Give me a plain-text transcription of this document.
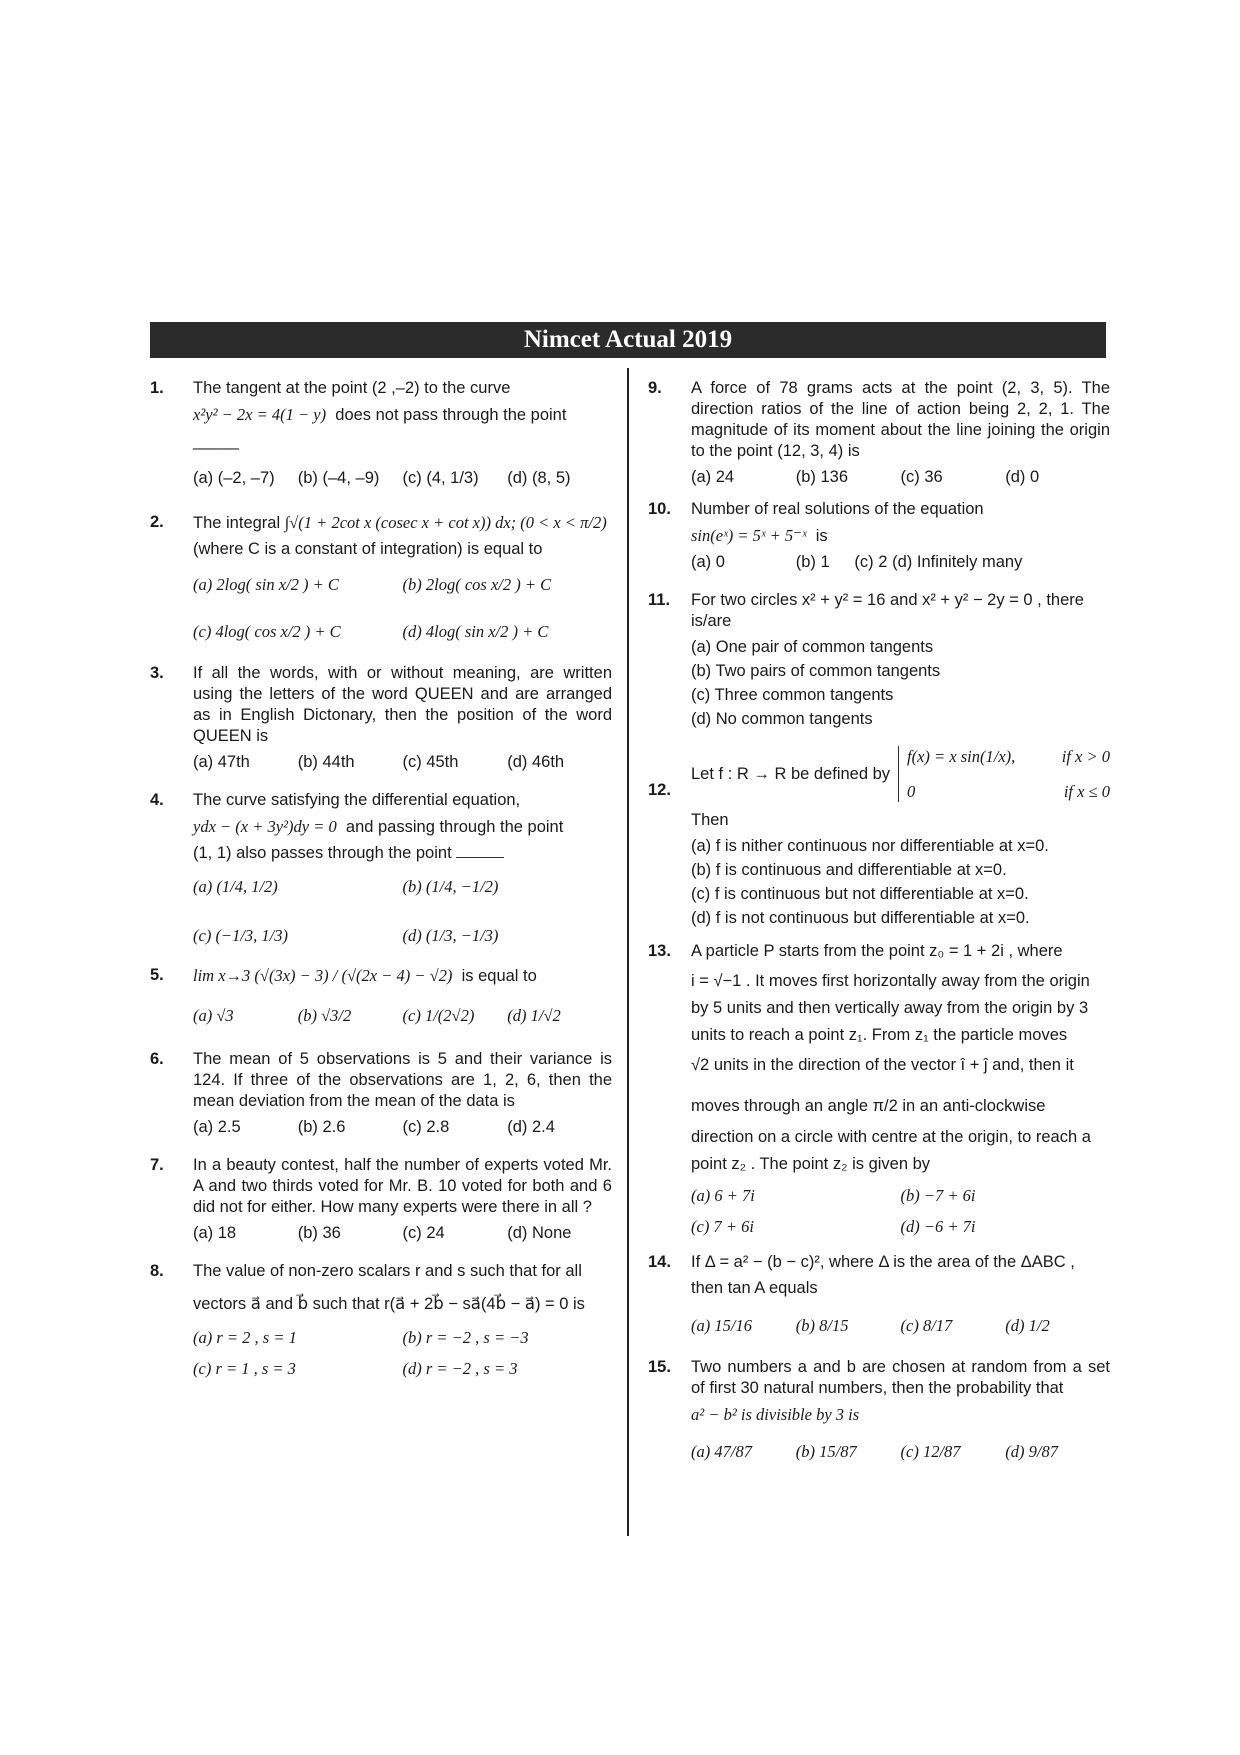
Nimcet Actual 2019
1. The tangent at the point (2 ,–2) to the curve

x²y² − 2x = 4(1 − y) does not pass through the point

_____

(a) (–2, –7)	(b) (–4, –9)	(c) (4, 1/3)	(d) (8, 5)
2. The integral ∫√(1 + 2cot x (cosec x + cot x)) dx; (0 < x < π/2)

(where C is a constant of integration) is equal to

(a) 2log( sin x/2 ) + C	(b) 2log( cos x/2 ) + C
(c) 4log( cos x/2 ) + C	(d) 4log( sin x/2 ) + C
3. If all the words, with or without meaning, are written using the letters of the word QUEEN and are arranged as in English Dictonary, then the position of the word QUEEN is

(a) 47th	(b) 44th	(c) 45th	(d) 46th
4. The curve satisfying the differential equation,

ydx − (x + 3y²)dy = 0 and passing through the point

(1, 1) also passes through the point

(a) (1/4, 1/2)	(b) (1/4, −1/2)
(c) (−1/3, 1/3)	(d) (1/3, −1/3)
5. lim x→3 (√(3x) − 3) / (√(2x − 4) − √2) is equal to

(a) √3	(b) √3/2	(c) 1/(2√2)	(d) 1/√2
6. The mean of 5 observations is 5 and their variance is 124. If three of the observations are 1, 2, 6, then the mean deviation from the mean of the data is

(a) 2.5	(b) 2.6	(c) 2.8	(d) 2.4
7. In a beauty contest, half the number of experts voted Mr. A and two thirds voted for Mr. B. 10 voted for both and 6 did not for either. How many experts were there in all ?

(a) 18	(b) 36	(c) 24	(d) None
8. The value of non-zero scalars r and s such that for all

vectors a⃗ and b⃗ such that r(a⃗ + 2b⃗ − sa⃗(4b⃗ − a⃗) = 0 is

(a) r = 2 , s = 1	(b) r = −2 , s = −3
(c) r = 1 , s = 3	(d) r = −2 , s = 3
9. A force of 78 grams acts at the point (2, 3, 5). The direction ratios of the line of action being 2, 2, 1. The magnitude of its moment about the line joining the origin to the point (12, 3, 4) is

(a) 24	(b) 136	(c) 36	(d) 0
10. Number of real solutions of the equation

sin(eˣ) = 5ˣ + 5⁻ˣ is

(a) 0	(b) 1	(c) 2 (d) Infinitely many
11. For two circles x² + y² = 16 and x² + y² − 2y = 0 , there is/are

(a) One pair of common tangents
(b) Two pairs of common tangents
(c) Three common tangents
(d) No common tangents
12.
Let f : R → R be defined by
f(x) = x sin(1/x),	if x > 0
0	if x ≤ 0

Then

(a) f is nither continuous nor differentiable at x=0.
(b) f is continuous and differentiable at x=0.
(c) f is continuous but not differentiable at x=0.
(d) f is not continuous but differentiable at x=0.
13. A particle P starts from the point z₀ = 1 + 2i , where

i = √−1 . It moves first horizontally away from the origin

by 5 units and then vertically away from the origin by 3

units to reach a point z₁. From z₁ the particle moves

√2 units in the direction of the vector î + ĵ and, then it

moves through an angle π/2 in an anti-clockwise

direction on a circle with centre at the origin, to reach a

point z₂ . The point z₂ is given by

(a) 6 + 7i	(b) −7 + 6i
(c) 7 + 6i	(d) −6 + 7i
14. If Δ = a² − (b − c)², where Δ is the area of the ΔABC ,

then tan A equals

(a) 15/16	(b) 8/15	(c) 8/17	(d) 1/2
15. Two numbers a and b are chosen at random from a set of first 30 natural numbers, then the probability that

a² − b² is divisible by 3 is

(a) 47/87	(b) 15/87	(c) 12/87	(d) 9/87
